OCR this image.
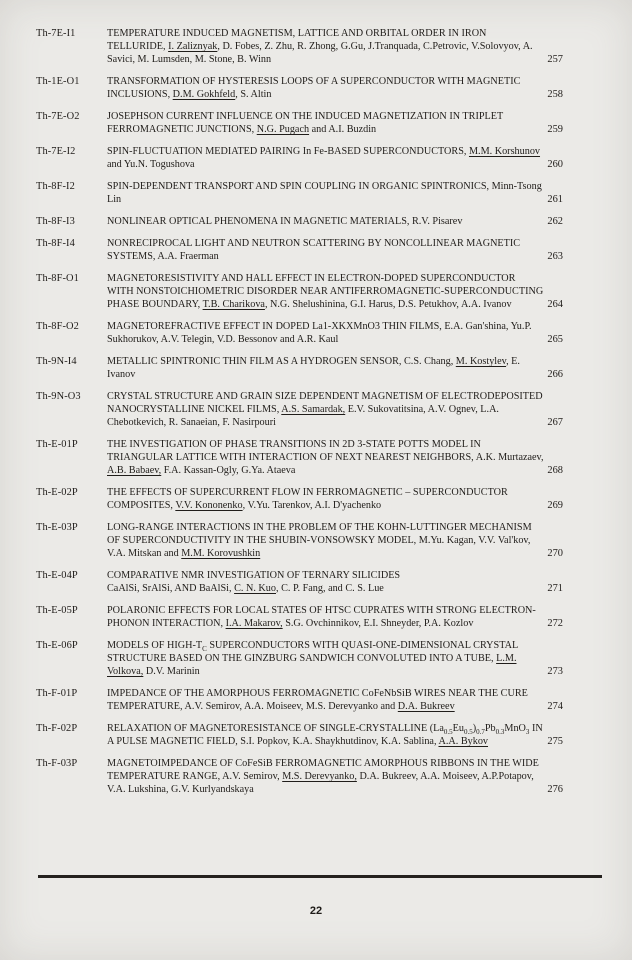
Th-7E-I1	TEMPERATURE INDUCED MAGNETISM, LATTICE AND ORBITAL ORDER IN IRON TELLURIDE, I. Zaliznyak, D. Fobes, Z. Zhu, R. Zhong, G.Gu, J.Tranquada, C.Petrovic, V.Solovyov, A. Savici, M. Lumsden, M. Stone, B. Winn	257
Th-1E-O1	TRANSFORMATION OF HYSTERESIS LOOPS OF A SUPERCONDUCTOR WITH MAGNETIC INCLUSIONS, D.M. Gokhfeld, S. Altin	258
Th-7E-O2	JOSEPHSON CURRENT INFLUENCE ON THE INDUCED MAGNETIZATION IN TRIPLET FERROMAGNETIC JUNCTIONS, N.G. Pugach and A.I. Buzdin	259
Th-7E-I2	SPIN-FLUCTUATION MEDIATED PAIRING In Fe-BASED SUPERCONDUCTORS, M.M. Korshunov and Yu.N. Togushova	260
Th-8F-I2	SPIN-DEPENDENT TRANSPORT AND SPIN COUPLING IN ORGANIC SPINTRONICS, Minn-Tsong Lin	261
Th-8F-I3	NONLINEAR OPTICAL PHENOMENA IN MAGNETIC MATERIALS, R.V. Pisarev	262
Th-8F-I4	NONRECIPROCAL LIGHT AND NEUTRON SCATTERING BY NONCOLLINEAR MAGNETIC SYSTEMS, A.A. Fraerman	263
Th-8F-O1	MAGNETORESISTIVITY AND HALL EFFECT IN ELECTRON-DOPED SUPERCONDUCTOR WITH NONSTOICHIOMETRIC DISORDER NEAR ANTIFERROMAGNETIC-SUPERCONDUCTING PHASE BOUNDARY, T.B. Charikova, N.G. Shelushinina, G.I. Harus, D.S. Petukhov, A.A. Ivanov	264
Th-8F-O2	MAGNETOREFRACTIVE EFFECT IN DOPED La1-XKXMnO3 THIN FILMS, E.A. Gan'shina, Yu.P. Sukhorukov, A.V. Telegin, V.D. Bessonov and A.R. Kaul	265
Th-9N-I4	METALLIC SPINTRONIC THIN FILM AS A HYDROGEN SENSOR, C.S. Chang, M. Kostylev, E. Ivanov	266
Th-9N-O3	CRYSTAL STRUCTURE AND GRAIN SIZE DEPENDENT MAGNETISM OF ELECTRODEPOSITED NANOCRYSTALLINE NICKEL FILMS, A.S. Samardak, E.V. Sukovatitsina, A.V. Ognev, L.A. Chebotkevich, R. Sanaeian, F. Nasirpouri	267
Th-E-01P	THE INVESTIGATION OF PHASE TRANSITIONS IN 2D 3-STATE POTTS MODEL IN TRIANGULAR LATTICE WITH INTERACTION OF NEXT NEAREST NEIGHBORS, A.K. Murtazaev, A.B. Babaev, F.A. Kassan-Ogly, G.Ya. Ataeva	268
Th-E-02P	THE EFFECTS OF SUPERCURRENT FLOW IN FERROMAGNETIC – SUPERCONDUCTOR COMPOSITES, V.V. Kononenko, V.Yu. Tarenkov, A.I. D'yachenko	269
Th-E-03P	LONG-RANGE INTERACTIONS IN THE PROBLEM OF THE KOHN-LUTTINGER MECHANISM OF SUPERCONDUCTIVITY IN THE SHUBIN-VONSOWSKY MODEL, M.Yu. Kagan, V.V. Val'kov, V.A. Mitskan and M.M. Korovushkin	270
Th-E-04P	COMPARATIVE NMR INVESTIGATION OF TERNARY SILICIDES
CaAlSi, SrAlSi, AND BaAlSi, C. N. Kuo, C. P. Fang, and C. S. Lue	271
Th-E-05P	POLARONIC EFFECTS FOR LOCAL STATES OF HTSC CUPRATES WITH STRONG ELECTRON-PHONON INTERACTION, I.A. Makarov, S.G. Ovchinnikov, E.I. Shneyder, P.A. Kozlov	272
Th-E-06P	MODELS OF HIGH-$T_C$ SUPERCONDUCTORS WITH QUASI-ONE-DIMENSIONAL CRYSTAL STRUCTURE BASED ON THE GINZBURG SANDWICH CONVOLUTED INTO A TUBE, L.M. Volkova, D.V. Marinin	273
Th-F-01P	IMPEDANCE OF THE AMORPHOUS FERROMAGNETIC CoFeNbSiB WIRES NEAR THE CURE TEMPERATURE, A.V. Semirov, A.A. Moiseev, M.S. Derevyanko and D.A. Bukreev	274
Th-F-02P	RELAXATION OF MAGNETORESISTANCE OF SINGLE-CRYSTALLINE $(La_{0.5}Eu_{0.5})_{0.7}Pb_{0.3}MnO_3$ IN A PULSE MAGNETIC FIELD, S.I. Popkov, K.A. Shaykhutdinov, K.A. Sablina, A.A. Bykov	275
Th-F-03P	MAGNETOIMPEDANCE OF CoFeSiB FERROMAGNETIC AMORPHOUS RIBBONS IN THE WIDE TEMPERATURE RANGE, A.V. Semirov, M.S. Derevyanko, D.A. Bukreev, A.A. Moiseev, A.P.Potapov, V.A. Lukshina, G.V. Kurlyandskaya	276
22
